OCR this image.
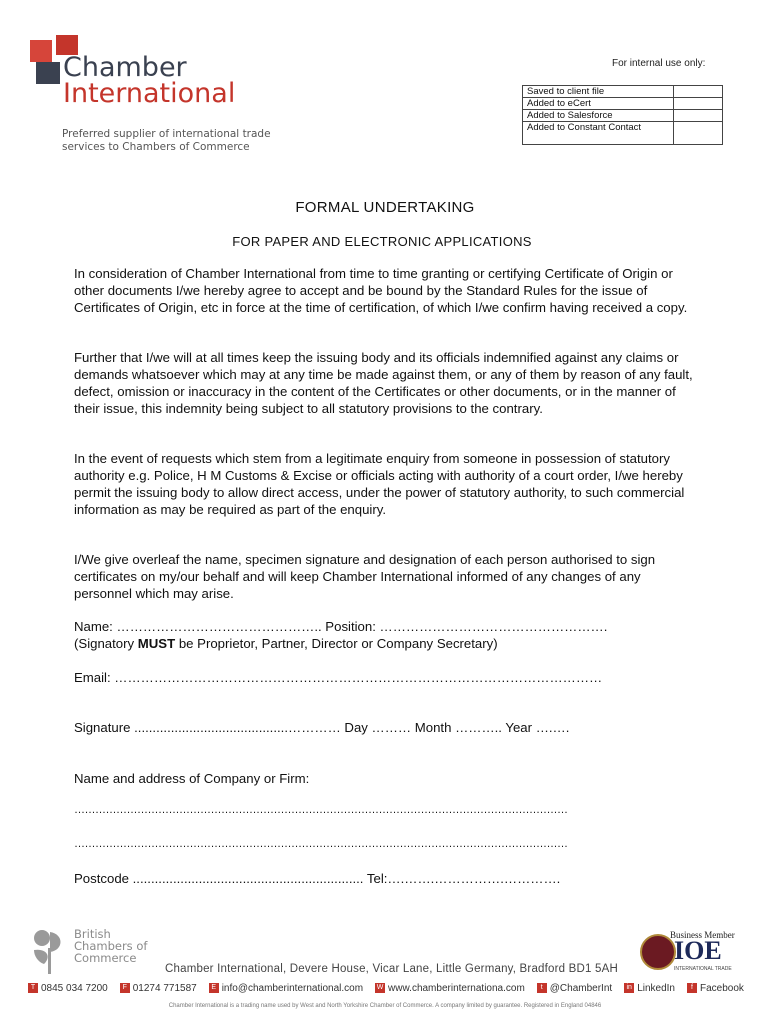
Chamber
International
Preferred supplier of international trade
services to Chambers of Commerce
For internal use only:
Saved to client file	
Added to eCert	
Added to Salesforce	
Added to Constant Contact	
FORMAL UNDERTAKING
FOR PAPER AND ELECTRONIC APPLICATIONS
In consideration of Chamber International from time to time granting or certifying Certificate of Origin or other documents I/we hereby agree to accept and be bound by the Standard Rules for the issue of Certificates of Origin, etc in force at the time of certification, of which I/we confirm having received a copy.
Further that I/we will at all times keep the issuing body and its officials indemnified against any claims or demands whatsoever which may at any time be made against them, or any of them by reason of any fault, defect, omission or inaccuracy in the content of the Certificates or other documents, or in the manner of their issue, this indemnity being subject to all statutory provisions to the contrary.
In the event of requests which stem from a legitimate enquiry from someone in possession of statutory authority e.g. Police, H M Customs & Excise or officials acting with authority of a court order, I/we hereby permit the issuing body to allow direct access, under the power of statutory authority, to such commercial information as may be required as part of the enquiry.
I/We give overleaf the name, specimen signature and designation of each person authorised to sign certificates on my/our behalf and will keep Chamber International informed of any changes of any personnel which may arise.
Name: ……………………………………….. Position: …………………………………………….
(Signatory MUST be Proprietor, Partner, Director or Company Secretary)
Email: …………………………………………………………………………………………………
Signature ..........................................………… Day ……… Month ……….. Year ….….
Name and address of Company or Firm:
……………………………………………………………………………………………………………………………
……………………………………………………………………………………………………………………………
Postcode ............................................................... Tel:….…….…………….………….
British
Chambers of
Commerce
Business Member
IOE
INTERNATIONAL TRADE
Chamber International, Devere House, Vicar Lane, Little Germany, Bradford BD1 5AH
T 0845 034 7200	F 01274 771587	E info@chamberinternational.com W www.chamberinternationa.com	t @ChamberInt	in LinkedIn	f Facebook
Chamber International is a trading name used by West and North Yorkshire Chamber of Commerce. A company limited by guarantee. Registered in England 04846
